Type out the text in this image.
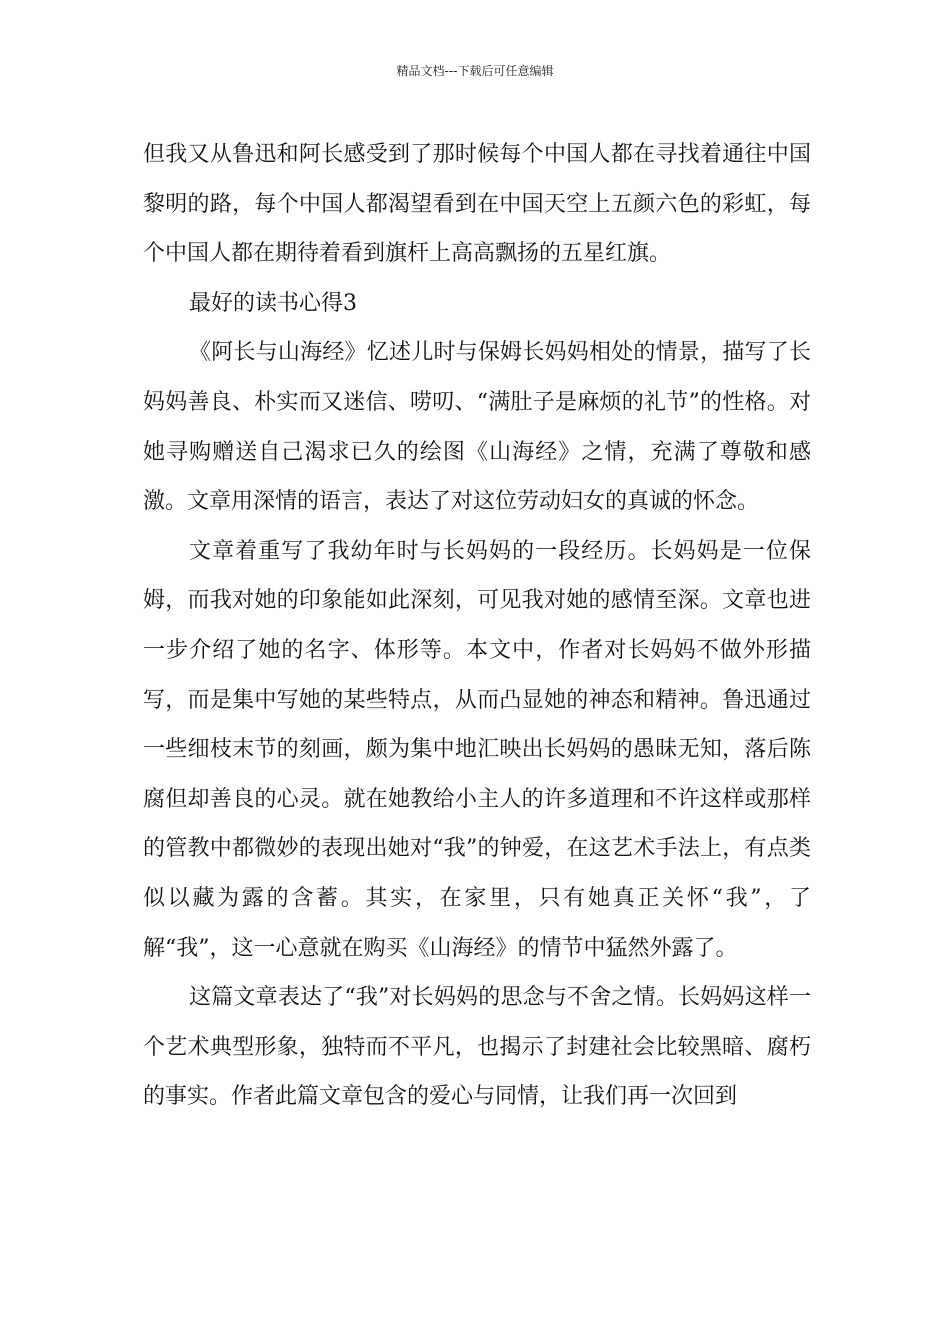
精品文档---下载后可任意编辑

但我又从鲁迅和阿长感受到了那时候每个中国人都在寻找着通往中国黎明的路，每个中国人都渴望看到在中国天空上五颜六色的彩虹，每个中国人都在期待着看到旗杆上高高飘扬的五星红旗。

最好的读书心得3

《阿长与山海经》忆述儿时与保姆长妈妈相处的情景，描写了长妈妈善良、朴实而又迷信、唠叨、“满肚子是麻烦的礼节”的性格。对她寻购赠送自己渴求已久的绘图《山海经》之情，充满了尊敬和感激。文章用深情的语言，表达了对这位劳动妇女的真诚的怀念。

文章着重写了我幼年时与长妈妈的一段经历。长妈妈是一位保姆，而我对她的印象能如此深刻，可见我对她的感情至深。文章也进一步介绍了她的名字、体形等。本文中，作者对长妈妈不做外形描写，而是集中写她的某些特点，从而凸显她的神态和精神。鲁迅通过一些细枝末节的刻画，颇为集中地汇映出长妈妈的愚昧无知，落后陈腐但却善良的心灵。就在她教给小主人的许多道理和不许这样或那样的管教中都微妙的表现出她对“我”的钟爱，在这艺术手法上，有点类似以藏为露的含蓄。其实，在家里，只有她真正关怀“我”，了解“我”，这一心意就在购买《山海经》的情节中猛然外露了。

这篇文章表达了“我”对长妈妈的思念与不舍之情。长妈妈这样一个艺术典型形象，独特而不平凡，也揭示了封建社会比较黑暗、腐朽的事实。作者此篇文章包含的爱心与同情，让我们再一次回到
